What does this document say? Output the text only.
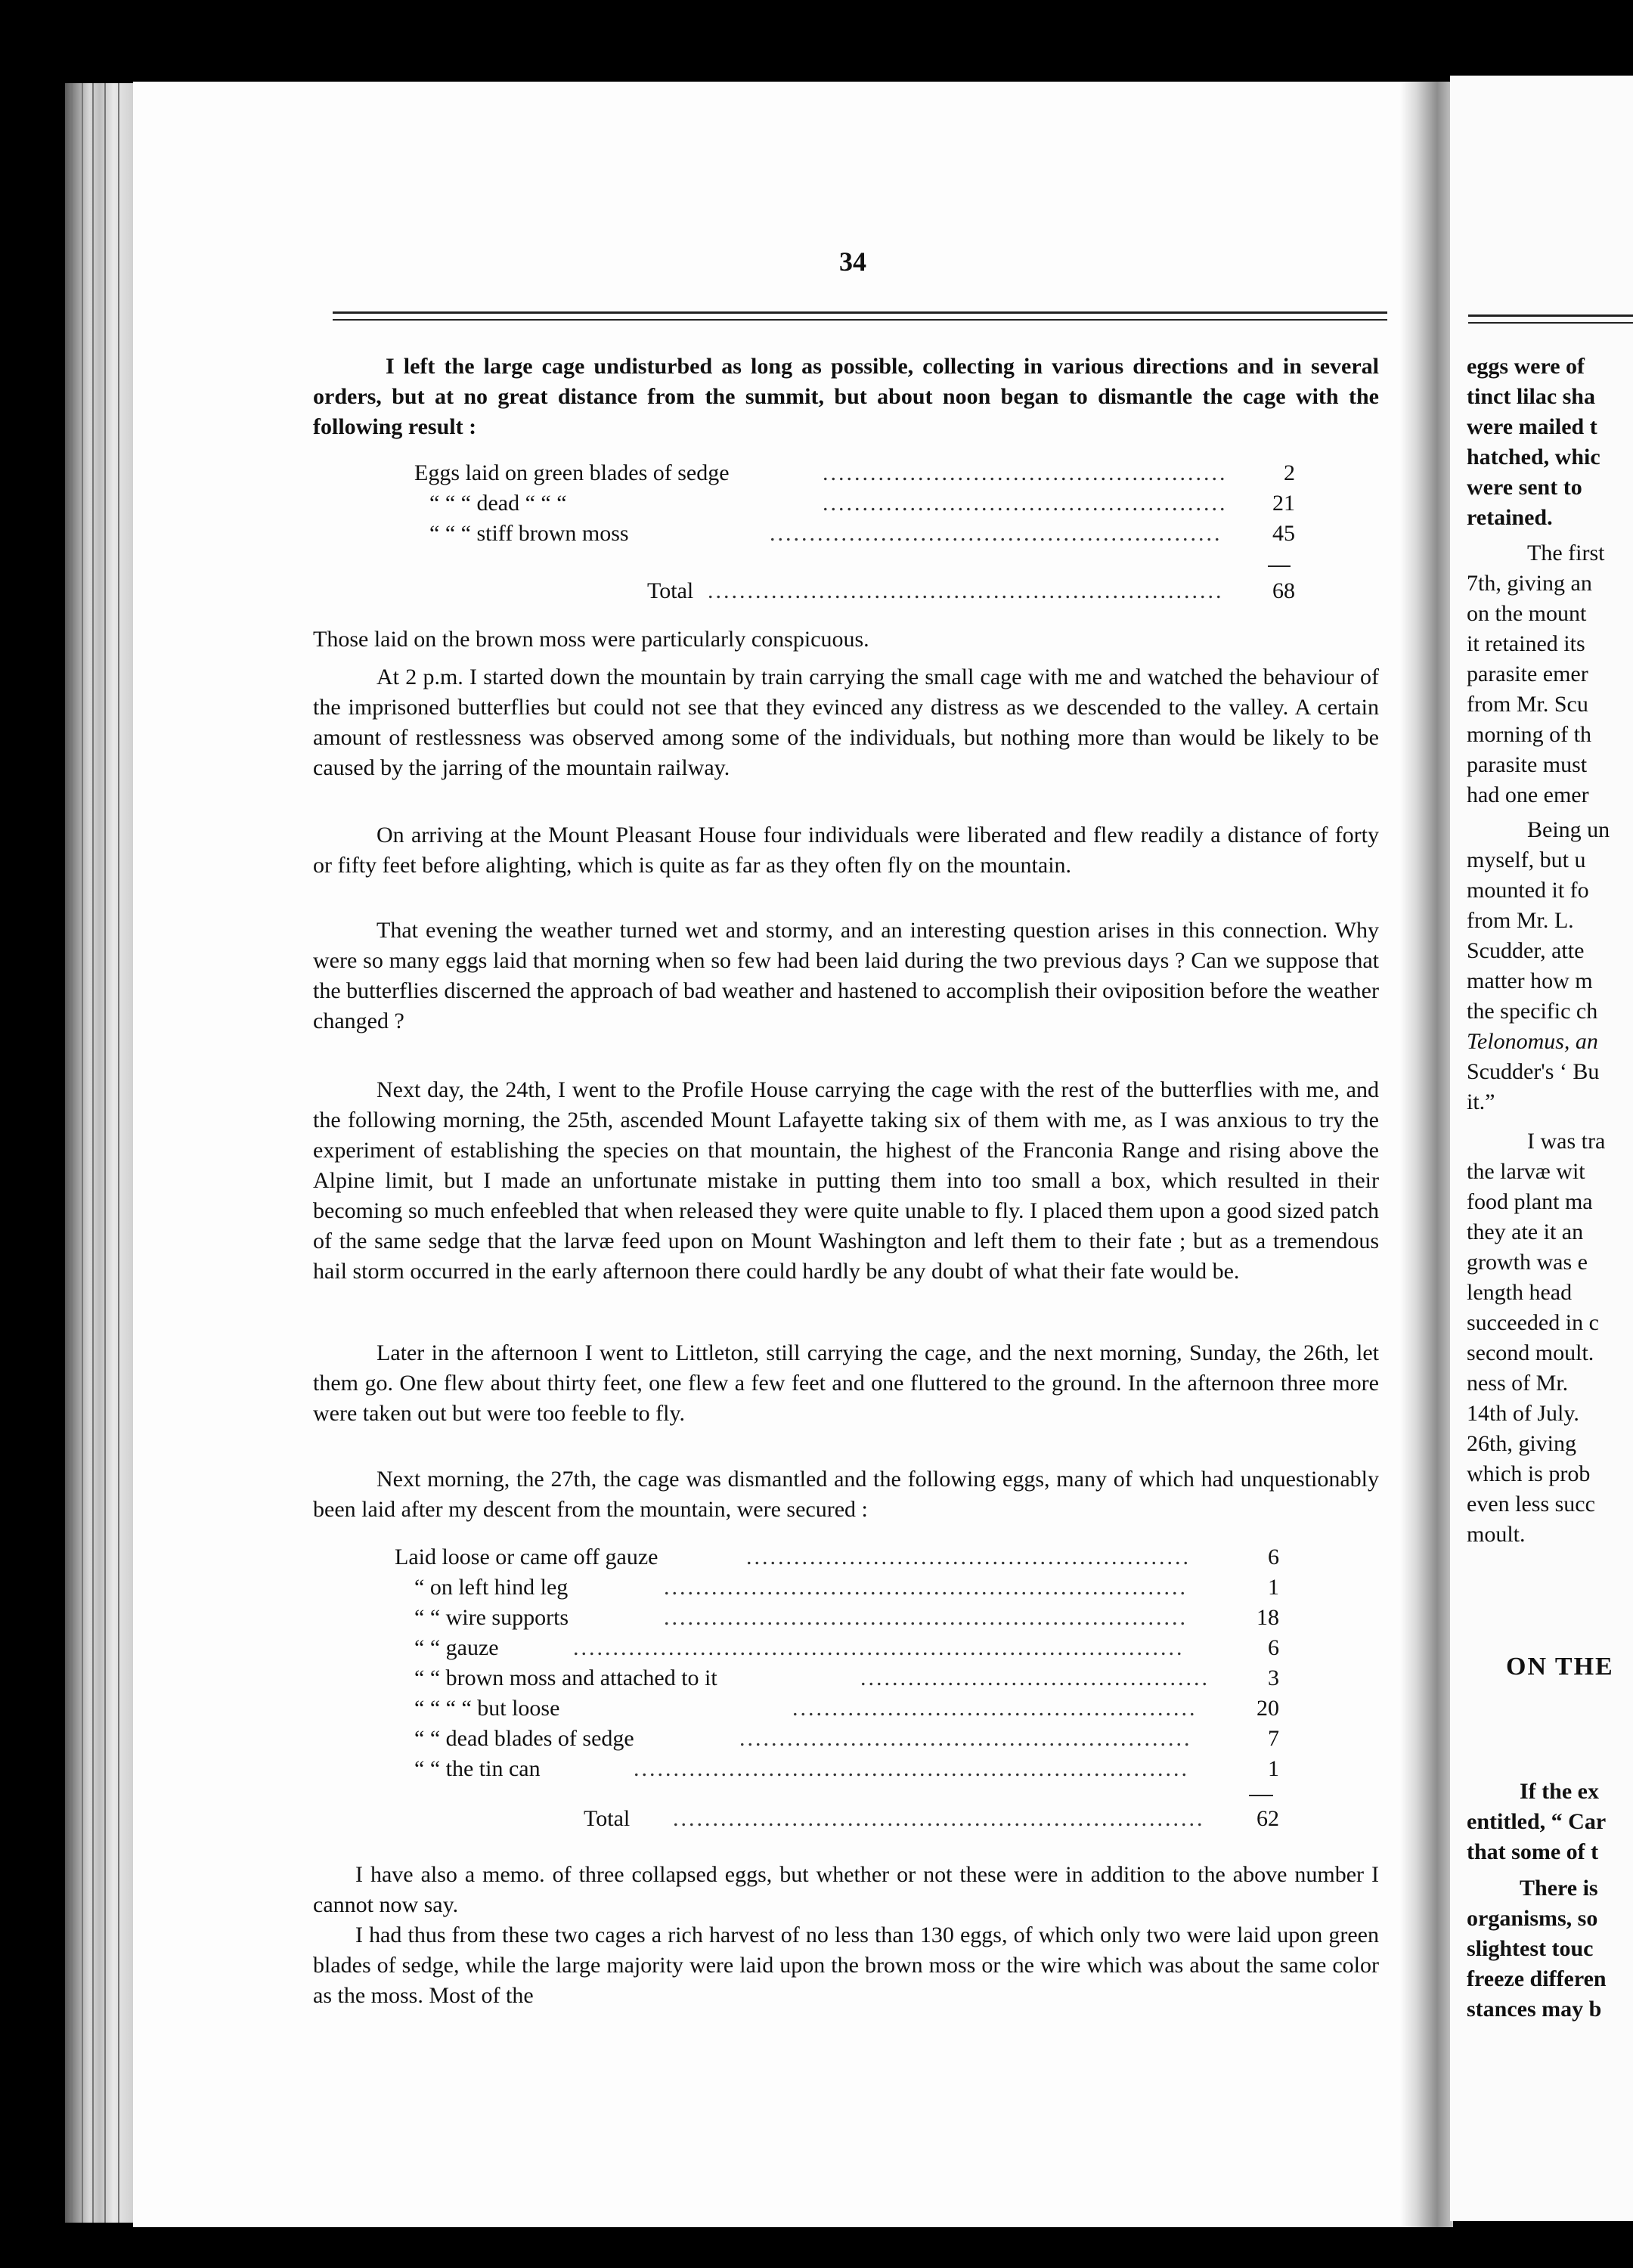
34

I left the large cage undisturbed as long as possible, collecting in various directions and in several orders, but at no great distance from the summit, but about noon began to dismantle the cage with the following result :

Eggs laid on green blades of sedge	...................................................	2
“ “ “ dead “ “ “	...................................................	21
“ “ “ stiff brown moss	.........................................................	45
Total .................................................................	68

Those laid on the brown moss were particularly conspicuous.

At 2 p.m. I started down the mountain by train carrying the small cage with me and watched the behaviour of the imprisoned butterflies but could not see that they evinced any distress as we descended to the valley. A certain amount of restlessness was observed among some of the individuals, but nothing more than would be likely to be caused by the jarring of the mountain railway.

On arriving at the Mount Pleasant House four individuals were liberated and flew readily a distance of forty or fifty feet before alighting, which is quite as far as they often fly on the mountain.

That evening the weather turned wet and stormy, and an interesting question arises in this connection. Why were so many eggs laid that morning when so few had been laid during the two previous days ? Can we suppose that the butterflies discerned the approach of bad weather and hastened to accomplish their oviposition before the weather changed ?

Next day, the 24th, I went to the Profile House carrying the cage with the rest of the butterflies with me, and the following morning, the 25th, ascended Mount Lafayette taking six of them with me, as I was anxious to try the experiment of establishing the species on that mountain, the highest of the Franconia Range and rising above the Alpine limit, but I made an unfortunate mistake in putting them into too small a box, which resulted in their becoming so much enfeebled that when released they were quite unable to fly. I placed them upon a good sized patch of the same sedge that the larvæ feed upon on Mount Washington and left them to their fate ; but as a tremendous hail storm occurred in the early afternoon there could hardly be any doubt of what their fate would be.

Later in the afternoon I went to Littleton, still carrying the cage, and the next morning, Sunday, the 26th, let them go. One flew about thirty feet, one flew a few feet and one fluttered to the ground. In the afternoon three more were taken out but were too feeble to fly.

Next morning, the 27th, the cage was dismantled and the following eggs, many of which had unquestionably been laid after my descent from the mountain, were secured :

Laid loose or came off gauze	........................................................	6
“ on left hind leg	..................................................................	1
“ “ wire supports	..................................................................	18
“ “ gauze	.............................................................................	6
“ “ brown moss and attached to it	............................................	3
“ “ “ “ but loose	...................................................	20
“ “ dead blades of sedge	.........................................................	7
“ “ the tin can	......................................................................	1
Total ...................................................................	62

I have also a memo. of three collapsed eggs, but whether or not these were in addition to the above number I cannot now say.

I had thus from these two cages a rich harvest of no less than 130 eggs, of which only two were laid upon green blades of sedge, while the large majority were laid upon the brown moss or the wire which was about the same color as the moss. Most of the

eggs were of
tinct lilac sha
were mailed t
hatched, whic
were sent to
retained.
The first
7th, giving an
on the mount
it retained its
parasite emer
from Mr. Scu
morning of th
parasite must
had one emer
Being un
myself, but u
mounted it fo
from Mr. L.
Scudder, atte
matter how m
the specific ch
Telonomus, an
Scudder's ‘ Bu
it.”
I was tra
the larvæ wit
food plant ma
they ate it an
growth was e
length head
succeeded in c
second moult.
ness of Mr.
14th of July.
26th, giving
which is prob
even less succ
moult.
ON THE
If the ex
entitled, “ Car
that some of t
There is
organisms, so
slightest touc
freeze differen
stances may b
